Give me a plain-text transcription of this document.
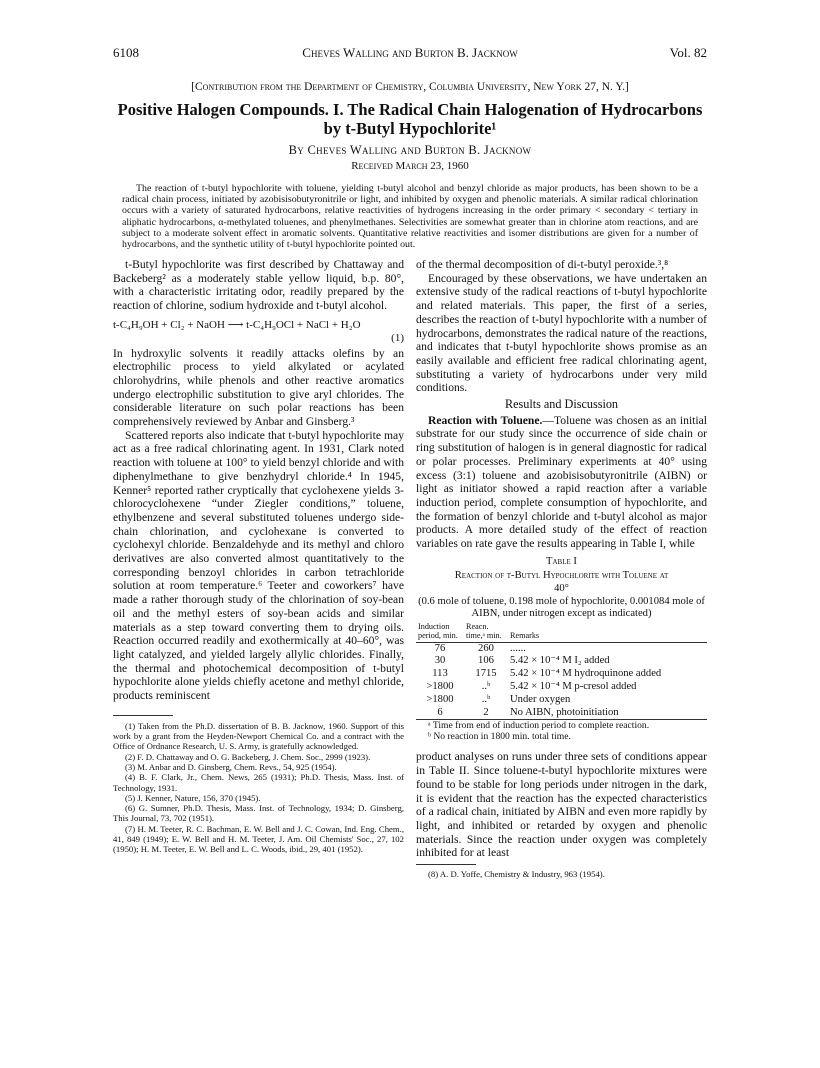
6108	Cheves Walling and Burton B. Jacknow	Vol. 82
[Contribution from the Department of Chemistry, Columbia University, New York 27, N. Y.]
Positive Halogen Compounds. I. The Radical Chain Halogenation of Hydrocarbons
by t-Butyl Hypochlorite¹
By Cheves Walling and Burton B. Jacknow
Received March 23, 1960
The reaction of t-butyl hypochlorite with toluene, yielding t-butyl alcohol and benzyl chloride as major products, has been shown to be a radical chain process, initiated by azobisisobutyronitrile or light, and inhibited by oxygen and phenolic materials. A similar radical chlorination occurs with a variety of saturated hydrocarbons, relative reactivities of hydrogens increasing in the order primary < secondary < tertiary in aliphatic hydrocarbons, α-methylated toluenes, and phenylmethanes. Selectivities are somewhat greater than in chlorine atom reactions, and are subject to a moderate solvent effect in aromatic solvents. Quantitative relative reactivities and isomer distributions are given for a number of hydrocarbons, and the synthetic utility of t-butyl hypochlorite pointed out.

t-Butyl hypochlorite was first described by Chattaway and Backeberg² as a moderately stable yellow liquid, b.p. 80°, with a characteristic irritating odor, readily prepared by the reaction of chlorine, sodium hydroxide and t-butyl alcohol.

t-C₄H₉OH + Cl₂ + NaOH ⟶ t-C₄H₉OCl + NaCl + H₂O
(1)

In hydroxylic solvents it readily attacks olefins by an electrophilic process to yield alkylated or acylated chlorohydrins, while phenols and other reactive aromatics undergo electrophilic substitution to give aryl chlorides. The considerable literature on such polar reactions has been comprehensively reviewed by Anbar and Ginsberg.³

Scattered reports also indicate that t-butyl hypochlorite may act as a free radical chlorinating agent. In 1931, Clark noted reaction with toluene at 100° to yield benzyl chloride and with diphenylmethane to give benzhydryl chloride.⁴ In 1945, Kenner⁵ reported rather cryptically that cyclohexene yields 3-chlorocyclohexene “under Ziegler conditions,” toluene, ethylbenzene and several substituted toluenes undergo side-chain chlorination, and cyclohexane is converted to cyclohexyl chloride. Benzaldehyde and its methyl and chloro derivatives are also converted almost quantitatively to the corresponding benzoyl chlorides in carbon tetrachloride solution at room temperature.⁶ Teeter and coworkers⁷ have made a rather thorough study of the chlorination of soy-bean oil and the methyl esters of soy-bean acids and similar materials as a step toward converting them to drying oils. Reaction occurred readily and exothermically at 40–60°, was light catalyzed, and yielded largely allylic chlorides. Finally, the thermal and photochemical decomposition of t-butyl hypochlorite alone yields chiefly acetone and methyl chloride, products reminiscent

(1) Taken from the Ph.D. dissertation of B. B. Jacknow, 1960. Support of this work by a grant from the Heyden-Newport Chemical Co. and a contract with the Office of Ordnance Research, U. S. Army, is gratefully acknowledged.

(2) F. D. Chattaway and O. G. Backeberg, J. Chem. Soc., 2999 (1923).

(3) M. Anbar and D. Ginsberg, Chem. Revs., 54, 925 (1954).

(4) B. F. Clark, Jr., Chem. News, 265 (1931); Ph.D. Thesis, Mass. Inst. of Technology, 1931.

(5) J. Kenner, Nature, 156, 370 (1945).

(6) G. Sumner, Ph.D. Thesis, Mass. Inst. of Technology, 1934; D. Ginsberg, This Journal, 73, 702 (1951).

(7) H. M. Teeter, R. C. Bachman, E. W. Bell and J. C. Cowan, Ind. Eng. Chem., 41, 849 (1949); E. W. Bell and H. M. Teeter, J. Am. Oil Chemists' Soc., 27, 102 (1950); H. M. Teeter, E. W. Bell and L. C. Woods, ibid., 29, 401 (1952).

of the thermal decomposition of di-t-butyl peroxide.³,⁸

Encouraged by these observations, we have undertaken an extensive study of the radical reactions of t-butyl hypochlorite and related materials. This paper, the first of a series, describes the reaction of t-butyl hypochlorite with a number of hydrocarbons, demonstrates the radical nature of the reactions, and indicates that t-butyl hypochlorite shows promise as an easily available and efficient free radical chlorinating agent, substituting a variety of hydrocarbons under very mild conditions.

Results and Discussion

Reaction with Toluene.—Toluene was chosen as an initial substrate for our study since the occurrence of side chain or ring substitution of halogen is in general diagnostic for radical or polar processes. Preliminary experiments at 40° using excess (3:1) toluene and azobisisobutyronitrile (AIBN) or light as initiator showed a rapid reaction after a variable induction period, complete consumption of hypochlorite, and the formation of benzyl chloride and t-butyl alcohol as major products. A more detailed study of the effect of reaction variables on rate gave the results appearing in Table I, while

Table I
Reaction of t-Butyl Hypochlorite with Toluene at
40°
(0.6 mole of toluene, 0.198 mole of hypochlorite, 0.001084 mole of AIBN, under nitrogen except as indicated)
Induction period, min.	Reacn. time,ᵃ min.	Remarks
76	260	......
30	106	5.42 × 10⁻⁴ M I₂ added
113	1715	5.42 × 10⁻⁴ M hydroquinone added
>1800	..ᵇ	5.42 × 10⁻⁴ M p-cresol added
>1800	..ᵇ	Under oxygen
6	2	No AIBN, photoinitiation

ᵃ Time from end of induction period to complete reaction.

ᵇ No reaction in 1800 min. total time.

product analyses on runs under three sets of conditions appear in Table II. Since toluene-t-butyl hypochlorite mixtures were found to be stable for long periods under nitrogen in the dark, it is evident that the reaction has the expected characteristics of a radical chain, initiated by AIBN and even more rapidly by light, and inhibited or retarded by oxygen and phenolic materials. Since the reaction under oxygen was completely inhibited for at least

(8) A. D. Yoffe, Chemistry & Industry, 963 (1954).
